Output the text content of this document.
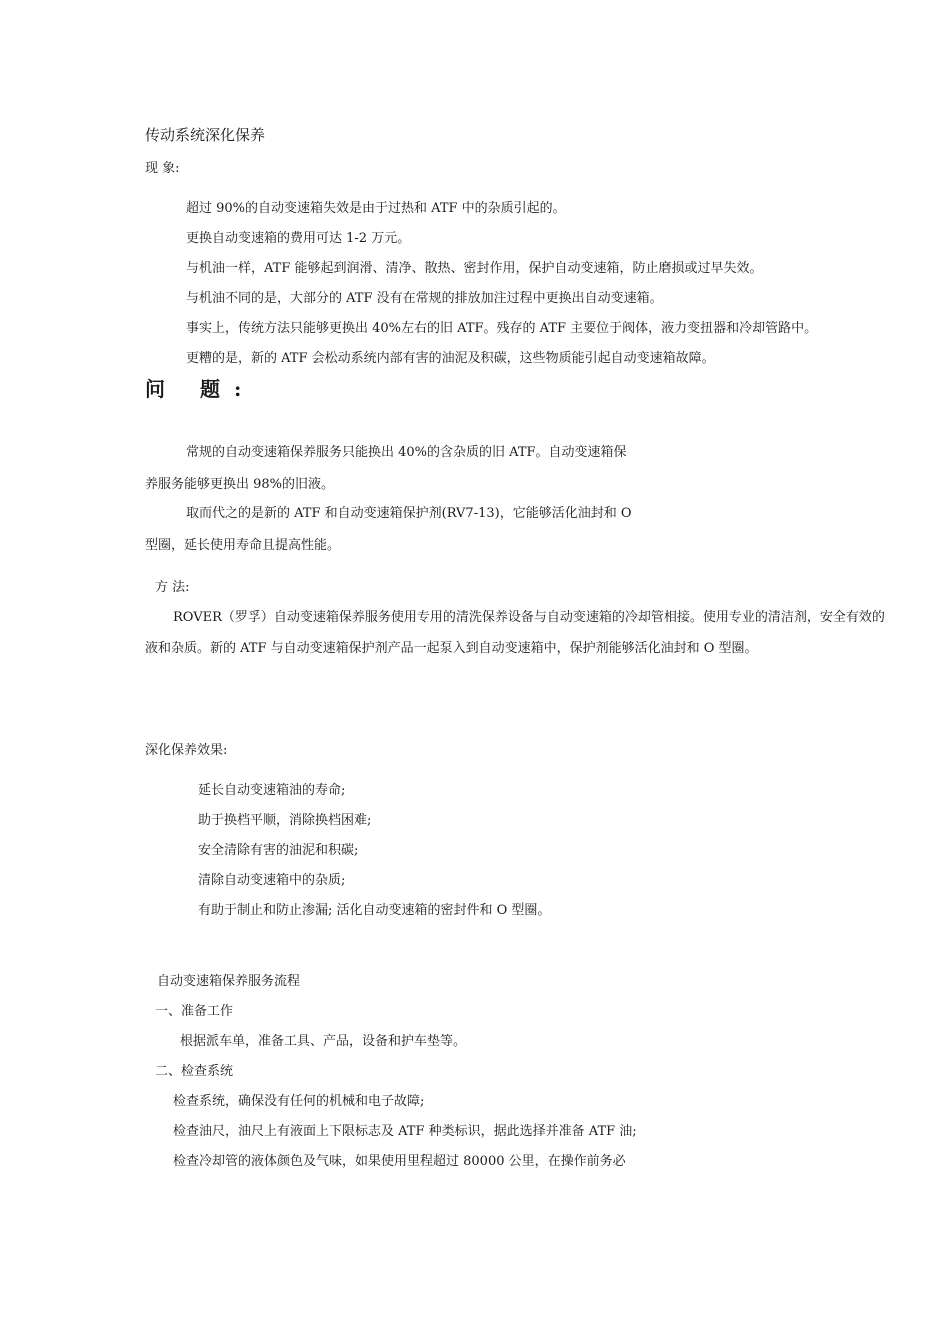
传动系统深化保养
现 象:
超过 90%的自动变速箱失效是由于过热和 ATF 中的杂质引起的。
更换自动变速箱的费用可达 1-2 万元。
与机油一样，ATF 能够起到润滑、清净、散热、密封作用，保护自动变速箱，防止磨损或过早失效。
与机油不同的是，大部分的 ATF 没有在常规的排放加注过程中更换出自动变速箱。
事实上，传统方法只能够更换出 40%左右的旧 ATF。残存的 ATF 主要位于阀体，液力变扭器和冷却管路中。
更糟的是，新的 ATF 会松动系统内部有害的油泥及积碳，这些物质能引起自动变速箱故障。
问 题:
常规的自动变速箱保养服务只能换出 40%的含杂质的旧 ATF。自动变速箱保
养服务能够更换出 98%的旧液。
取而代之的是新的 ATF 和自动变速箱保护剂(RV7-13)，它能够活化油封和 O
型圈，延长使用寿命且提高性能。
方 法:
ROVER（罗孚）自动变速箱保养服务使用专用的清洗保养设备与自动变速箱的冷却管相接。使用专业的清洁剂，安全有效的
液和杂质。新的 ATF 与自动变速箱保护剂产品一起泵入到自动变速箱中，保护剂能够活化油封和 O 型圈。
深化保养效果:
延长自动变速箱油的寿命;
助于换档平顺，消除换档困难;
安全清除有害的油泥和积碳;
清除自动变速箱中的杂质;
有助于制止和防止渗漏; 活化自动变速箱的密封件和 O 型圈。
自动变速箱保养服务流程
一、准备工作
根据派车单，准备工具、产品，设备和护车垫等。
二、检查系统
检查系统，确保没有任何的机械和电子故障;
检查油尺，油尺上有液面上下限标志及 ATF 种类标识，据此选择并准备 ATF 油;
检查冷却管的液体颜色及气味，如果使用里程超过 80000 公里，在操作前务必
